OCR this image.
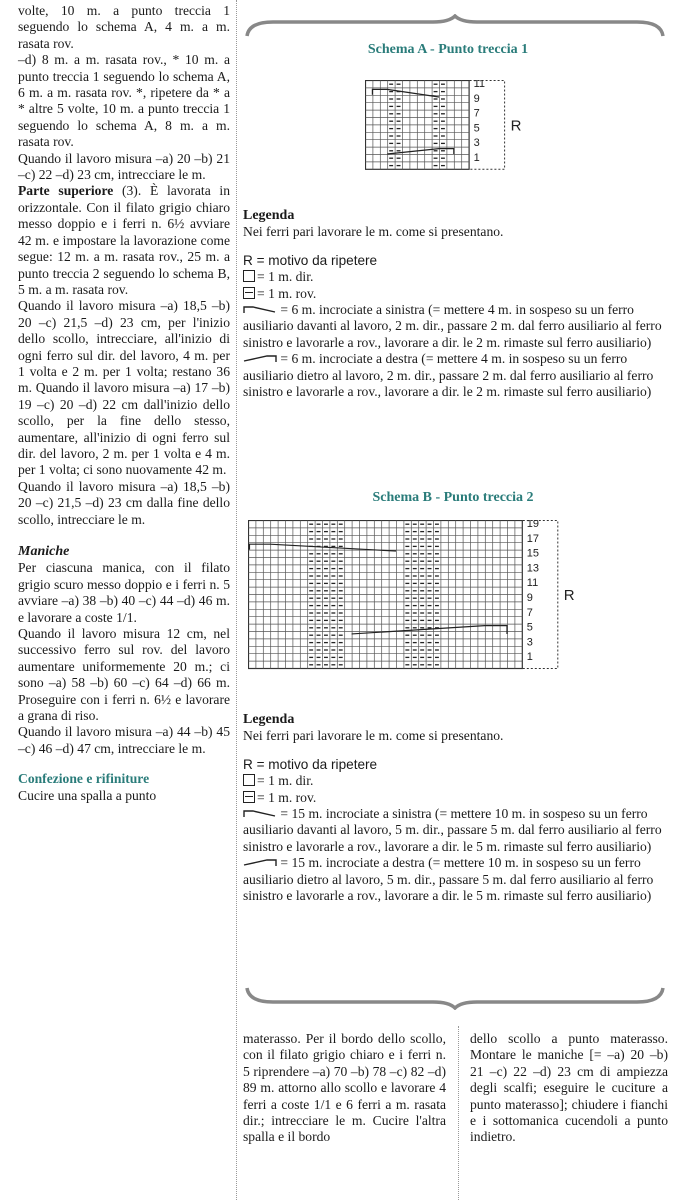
volte, 10 m. a punto treccia 1 seguendo lo schema A, 4 m. a m. rasata rov.

–d) 8 m. a m. rasata rov., * 10 m. a punto treccia 1 seguendo lo schema A, 6 m. a m. rasata rov. *, ripetere da * a * altre 5 volte, 10 m. a punto treccia 1 seguendo lo schema A, 8 m. a m. rasata rov.

Quando il lavoro misura –a) 20 –b) 21 –c) 22 –d) 23 cm, intrecciare le m.

Parte superiore (3). È lavorata in orizzontale. Con il filato grigio chiaro messo doppio e i ferri n. 6½ avviare 42 m. e impostare la lavorazione come segue: 12 m. a m. rasata rov., 25 m. a punto treccia 2 seguendo lo schema B, 5 m. a m. rasata rov.

Quando il lavoro misura –a) 18,5 –b) 20 –c) 21,5 –d) 23 cm, per l'inizio dello scollo, intrecciare, all'inizio di ogni ferro sul dir. del lavoro, 4 m. per 1 volta e 2 m. per 1 volta; restano 36 m. Quando il lavoro misura –a) 17 –b) 19 –c) 20 –d) 22 cm dall'inizio dello scollo, per la fine dello stesso, aumentare, all'inizio di ogni ferro sul dir. del lavoro, 2 m. per 1 volta e 4 m. per 1 volta; ci sono nuovamente 42 m.

Quando il lavoro misura –a) 18,5 –b) 20 –c) 21,5 –d) 23 cm dalla fine dello scollo, intrecciare le m.

Maniche

Per ciascuna manica, con il filato grigio scuro messo doppio e i ferri n. 5 avviare –a) 38 –b) 40 –c) 44 –d) 46 m. e lavorare a coste 1/1.

Quando il lavoro misura 12 cm, nel successivo ferro sul rov. del lavoro aumentare uniformemente 20 m.; ci sono –a) 58 –b) 60 –c) 64 –d) 66 m. Proseguire con i ferri n. 6½ e lavorare a grana di riso.

Quando il lavoro misura –a) 44 –b) 45 –c) 46 –d) 47 cm, intrecciare le m.

Confezione e rifiniture

Cucire una spalla a punto

Schema A - Punto treccia 1
11
9
7
5
3
1
R
Legenda

Nei ferri pari lavorare le m. come si presentano.

R = motivo da ripetere

= 1 m. dir.

= 1 m. rov.

= 6 m. incrociate a sinistra (= mettere 4 m. in sospeso su un ferro ausiliario davanti al lavoro, 2 m. dir., passare 2 m. dal ferro ausiliario al ferro sinistro e lavorarle a rov., lavorare a dir. le 2 m. rimaste sul ferro ausiliario)

= 6 m. incrociate a destra (= mettere 4 m. in sospeso su un ferro ausiliario dietro al lavoro, 2 m. dir., passare 2 m. dal ferro ausiliario al ferro sinistro e lavorarle a rov., lavorare a dir. le 2 m. rimaste sul ferro ausiliario)

Schema B - Punto treccia 2
19
17
15
13
11
9
7
5
3
1
R
Legenda

Nei ferri pari lavorare le m. come si presentano.

R = motivo da ripetere

= 1 m. dir.

= 1 m. rov.

= 15 m. incrociate a sinistra (= mettere 10 m. in sospeso su un ferro ausiliario davanti al lavoro, 5 m. dir., passare 5 m. dal ferro ausiliario al ferro sinistro e lavorarle a rov., lavorare a dir. le 5 m. rimaste sul ferro ausiliario)

= 15 m. incrociate a destra (= mettere 10 m. in sospeso su un ferro ausiliario dietro al lavoro, 5 m. dir., passare 5 m. dal ferro ausiliario al ferro sinistro e lavorarle a rov., lavorare a dir. le 5 m. rimaste sul ferro ausiliario)

materasso. Per il bordo dello scollo, con il filato grigio chiaro e i ferri n. 5 riprendere –a) 70 –b) 78 –c) 82 –d) 89 m. attorno allo scollo e lavorare 4 ferri a coste 1/1 e 6 ferri a m. rasata dir.; intrecciare le m. Cucire l'altra spalla e il bordo
dello scollo a punto materasso. Montare le maniche [= –a) 20 –b) 21 –c) 22 –d) 23 cm di ampiezza degli scalfi; eseguire le cuciture a punto materasso]; chiudere i fianchi e i sottomanica cucendoli a punto indietro.
